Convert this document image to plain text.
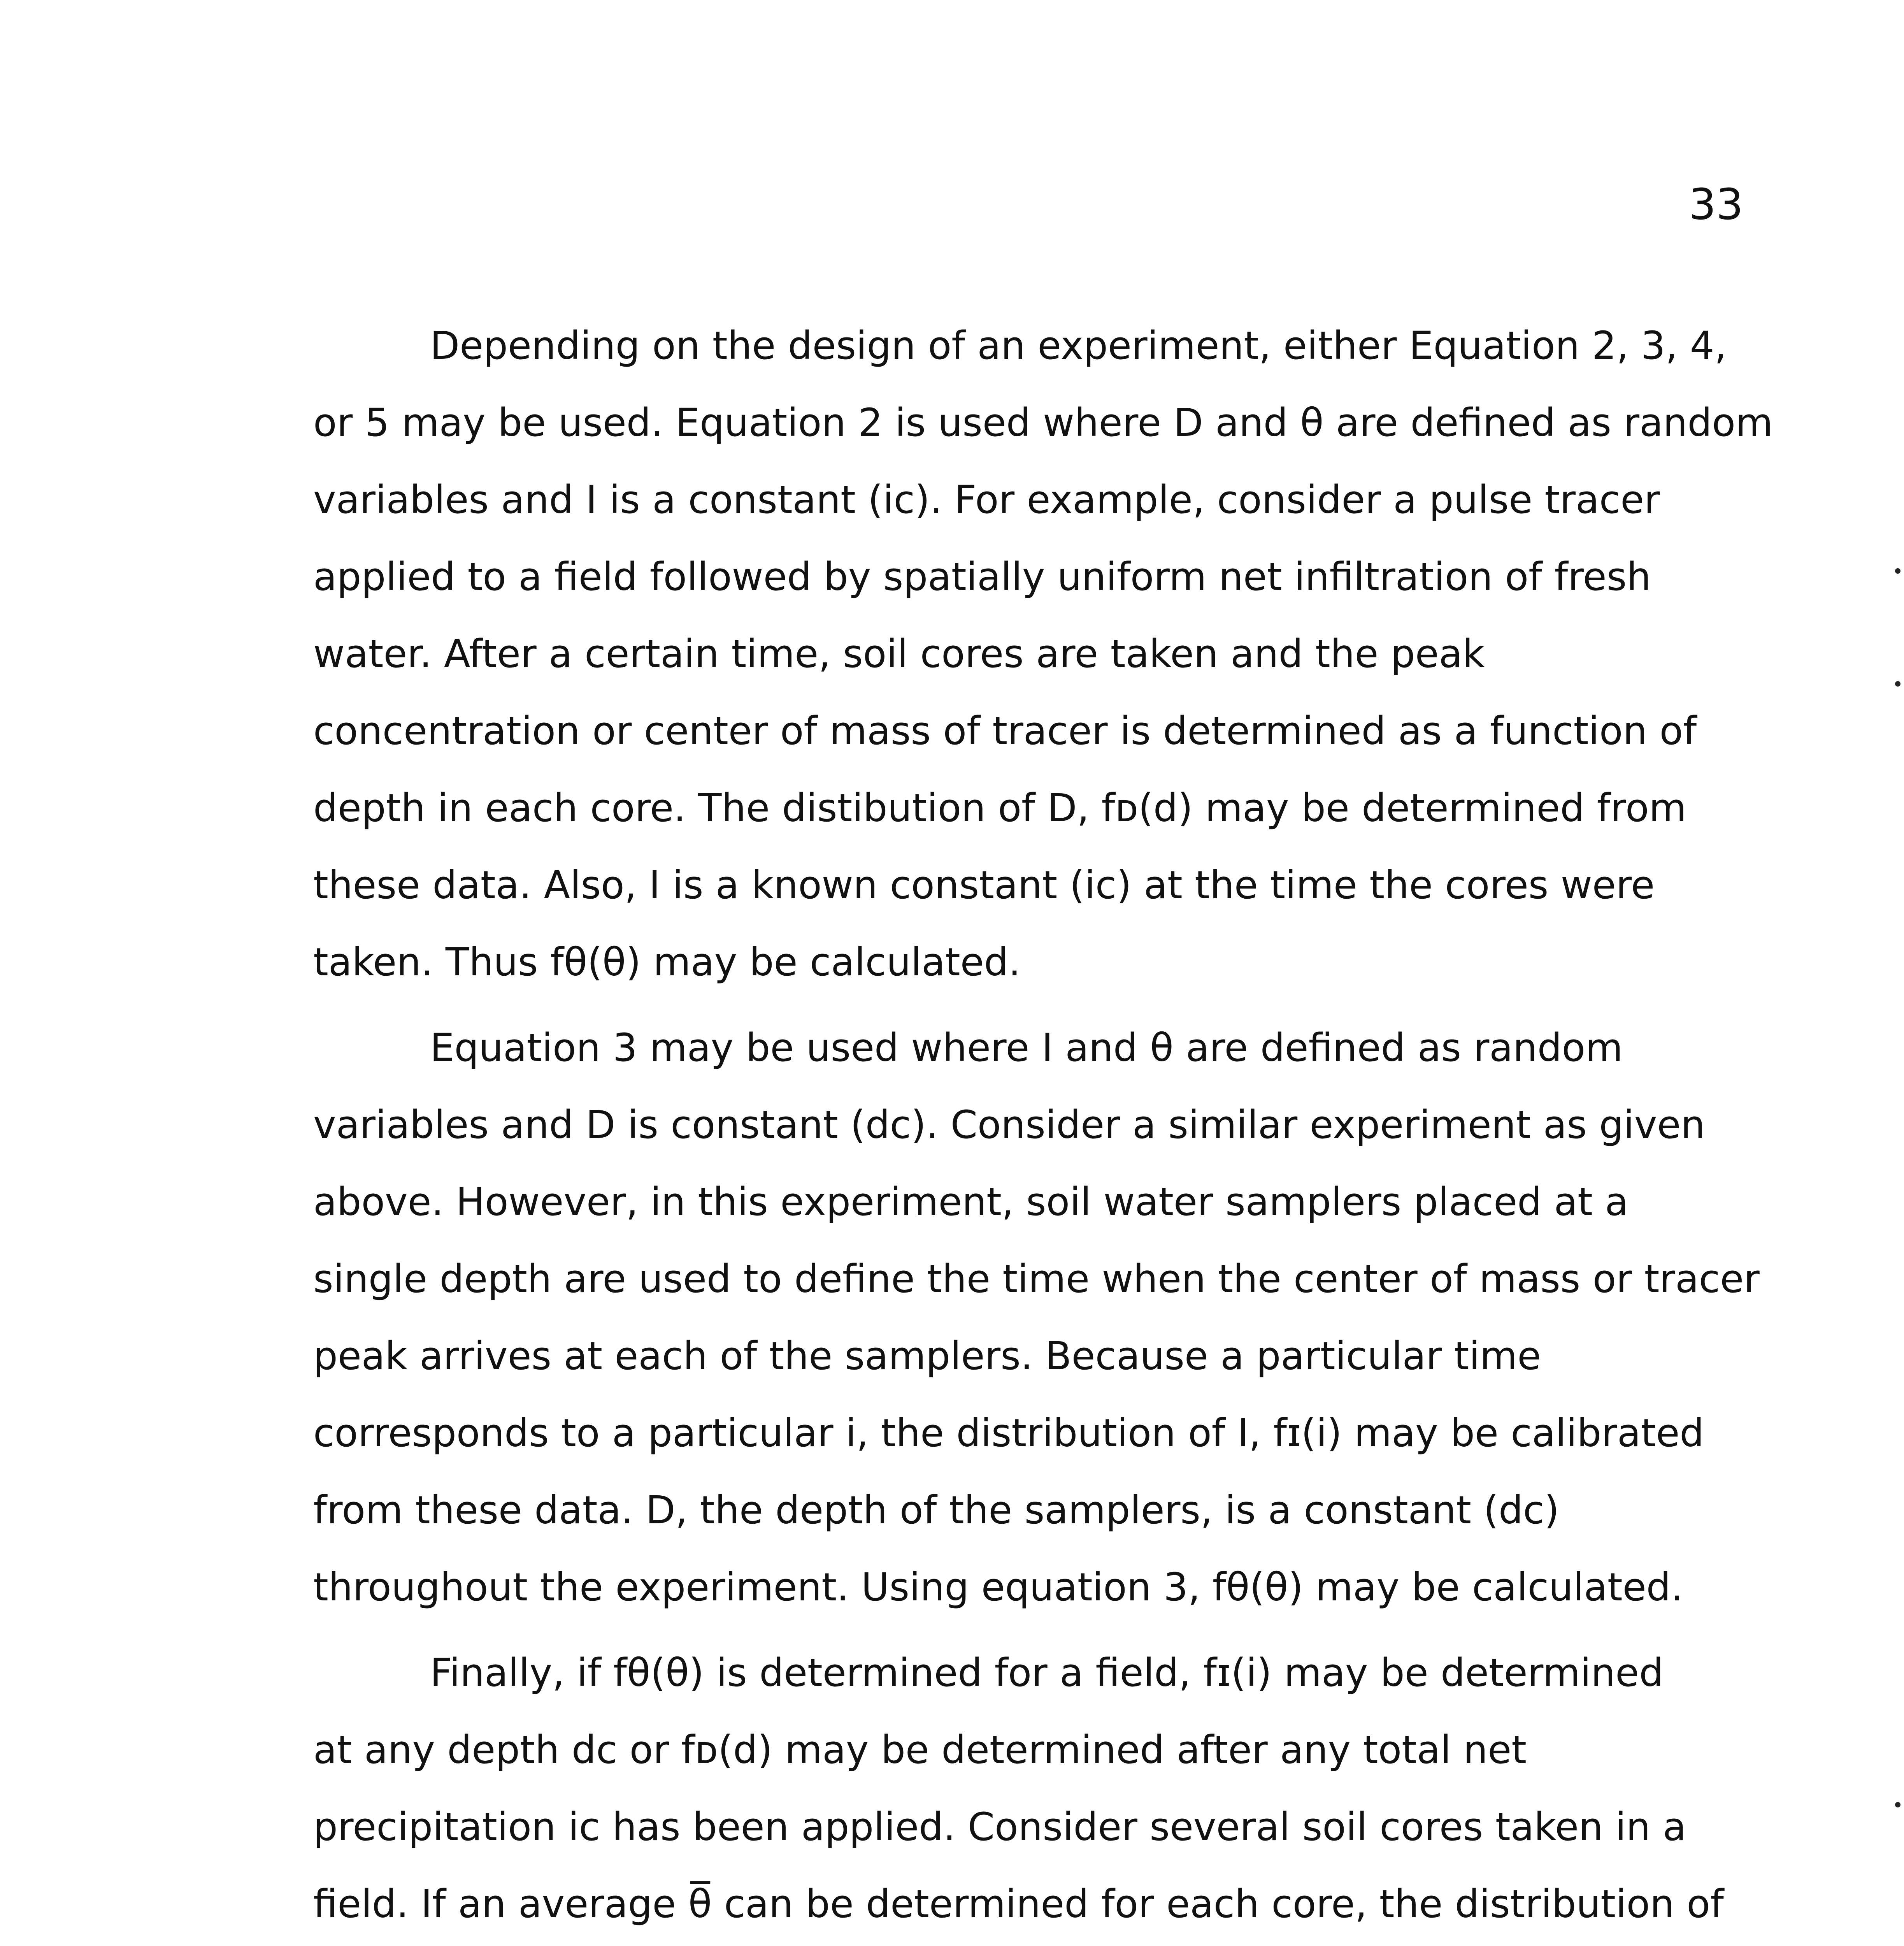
33
Depending on the design of an experiment, either Equation 2, 3, 4,
or 5 may be used. Equation 2 is used where D and θ are defined as random
variables and I is a constant (iᴄ). For example, consider a pulse tracer
applied to a field followed by spatially uniform net infiltration of fresh
water. After a certain time, soil cores are taken and the peak
concentration or center of mass of tracer is determined as a function of
depth in each core. The distibution of D, fᴅ(d) may be determined from
these data. Also, I is a known constant (iᴄ) at the time the cores were
taken. Thus fθ(θ) may be calculated.
Equation 3 may be used where I and θ are defined as random
variables and D is constant (dᴄ). Consider a similar experiment as given
above. However, in this experiment, soil water samplers placed at a
single depth are used to define the time when the center of mass or tracer
peak arrives at each of the samplers. Because a particular time
corresponds to a particular i, the distribution of I, fɪ(i) may be calibrated
from these data. D, the depth of the samplers, is a constant (dᴄ)
throughout the experiment. Using equation 3, fθ(θ) may be calculated.
Finally, if fθ(θ) is determined for a field, fɪ(i) may be determined
at any depth dᴄ or fᴅ(d) may be determined after any total net
precipitation iᴄ has been applied. Consider several soil cores taken in a
field. If an average θ̅ can be determined for each core, the distribution of
